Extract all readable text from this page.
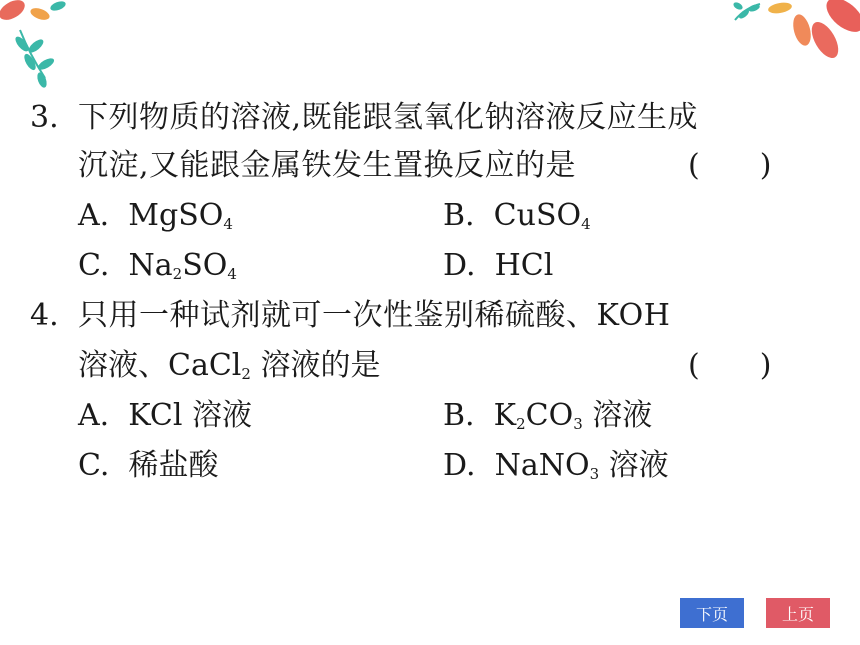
3. 下列物质的溶液,既能跟氢氧化钠溶液反应生成
沉淀,又能跟金属铁发生置换反应的是	(　　)
A. MgSO$_4$	B. CuSO$_4$
C. $Na_2SO_4$	D. HCl
4. 只用一种试剂就可一次性鉴别稀硫酸、KOH
溶液、CaCl$_2$ 溶液的是	(　　)
A. KCl 溶液	B. $K_2CO_3$ 溶液
C. 稀盐酸	D. NaNO$_3$ 溶液
下页	上页
